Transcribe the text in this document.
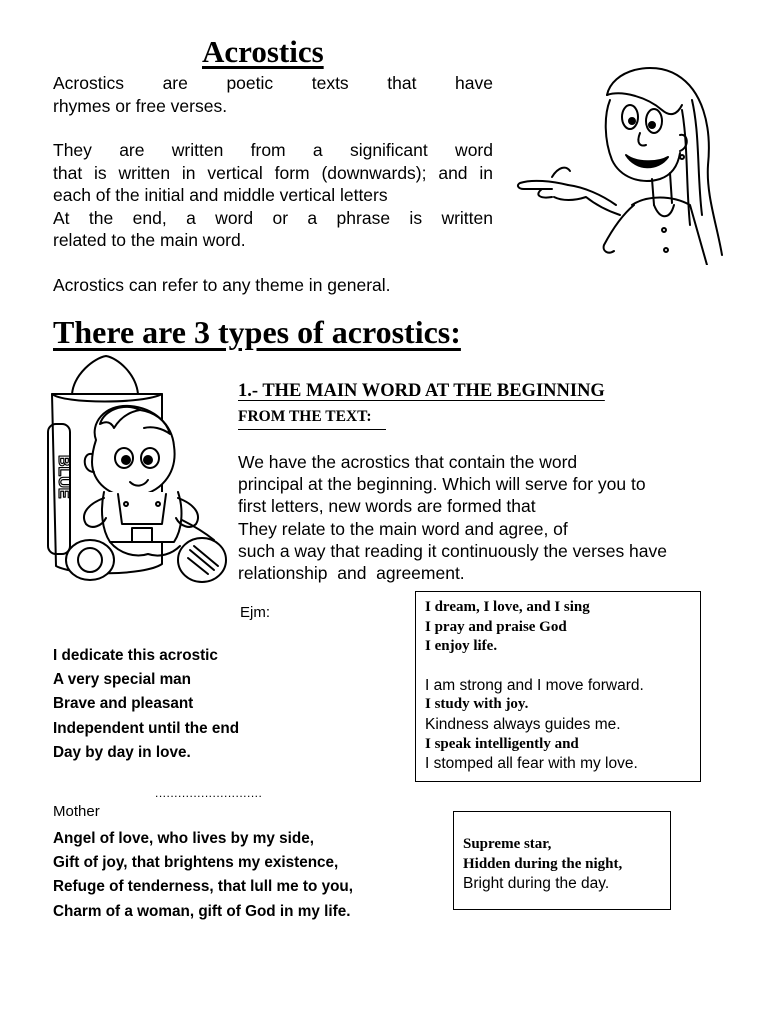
Acrostics
Acrostics are poetic texts that have
rhymes or free verses.
They are written from a significant word
that is written in vertical form (downwards); and in
each of the initial and middle vertical letters
At the end, a word or a phrase is written
related to the main word.
Acrostics can refer to any theme in general.
There are 3 types of acrostics:
BLUE
1.- THE MAIN WORD AT THE BEGINNING
FROM THE TEXT:
We have the acrostics that contain the word
principal at the beginning. Which will serve for you to
first letters, new words are formed that
They relate to the main word and agree, of
such a way that reading it continuously the verses have
relationship  and  agreement.
Ejm:
I dedicate this acrostic
A very special man
Brave and pleasant
Independent until the end
Day by day in love.
I dream, I love, and I sing
I pray and praise God
I enjoy life.
I am strong and I move forward.
I study with joy.
Kindness always guides me.
I speak intelligently and
I stomped all fear with my love.
............................
Mother
Angel of love, who lives by my side,
Gift of joy, that brightens my existence,
Refuge of tenderness, that lull me to you,
Charm of a woman, gift of God in my life.
Supreme star,
Hidden during the night,
Bright during the day.
